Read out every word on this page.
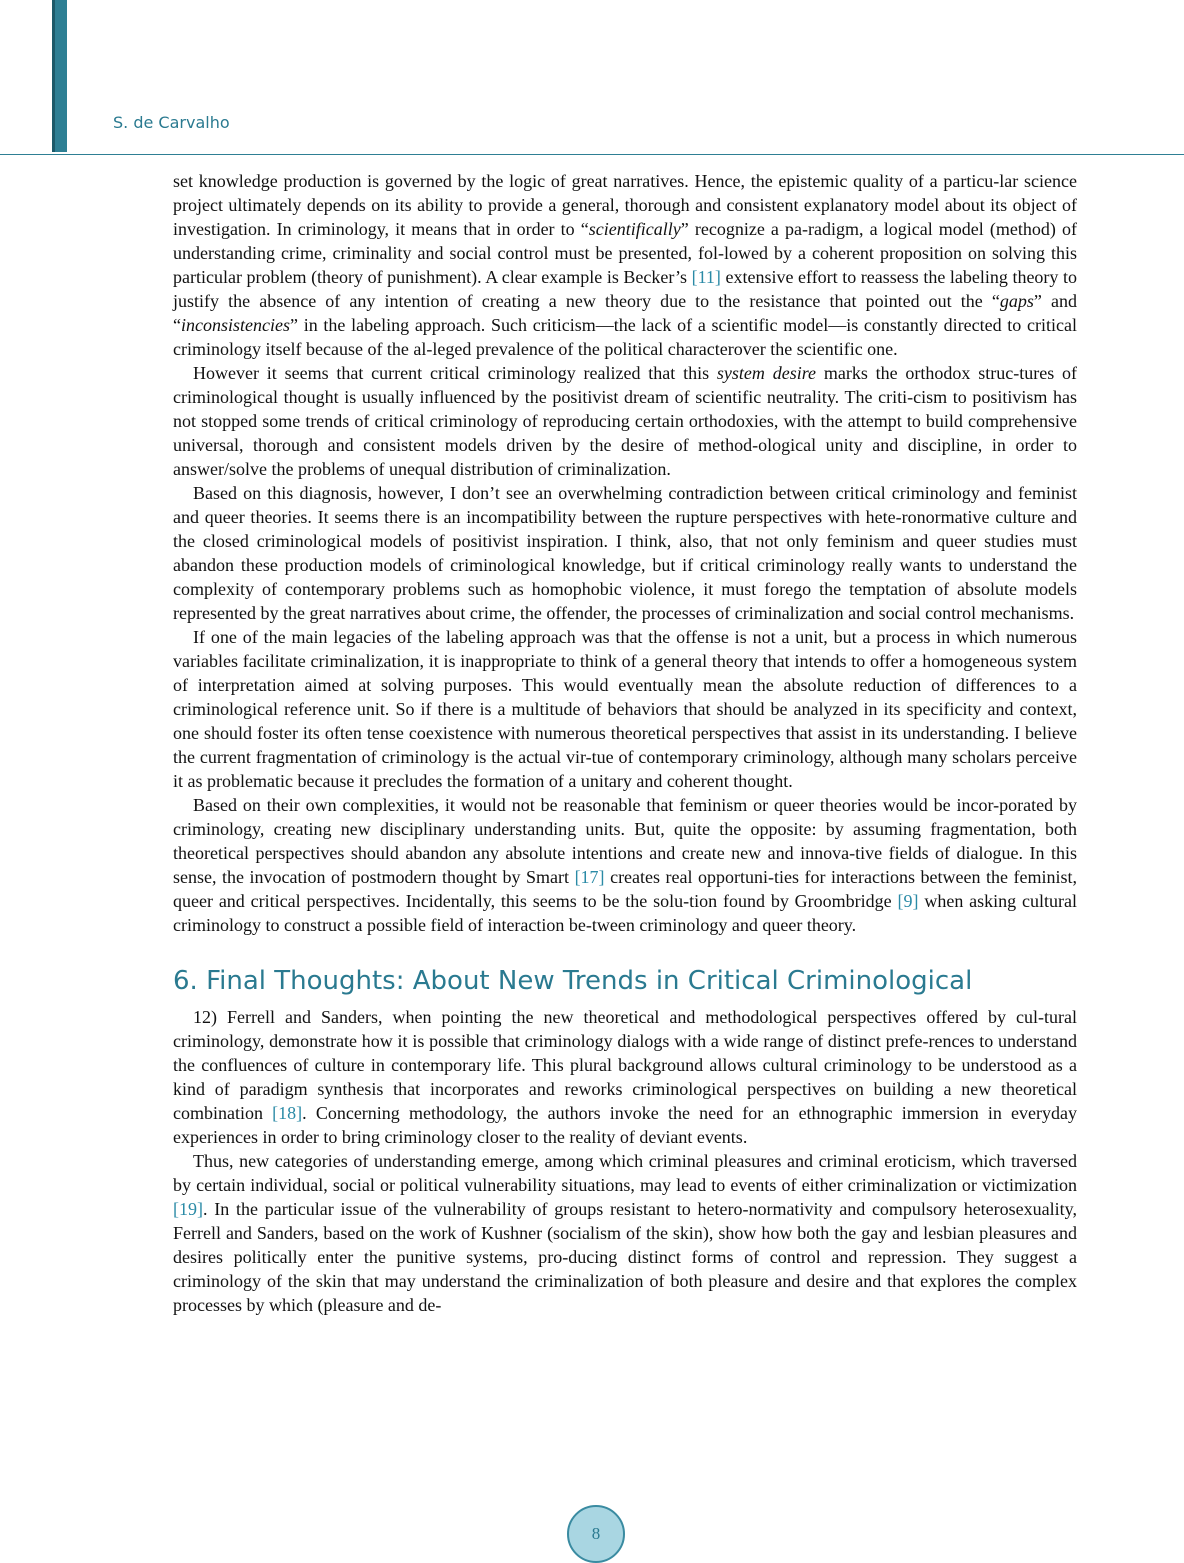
S. de Carvalho

set knowledge production is governed by the logic of great narratives. Hence, the epistemic quality of a particu-lar science project ultimately depends on its ability to provide a general, thorough and consistent explanatory model about its object of investigation. In criminology, it means that in order to “scientifically” recognize a pa-radigm, a logical model (method) of understanding crime, criminality and social control must be presented, fol-lowed by a coherent proposition on solving this particular problem (theory of punishment). A clear example is Becker’s [11] extensive effort to reassess the labeling theory to justify the absence of any intention of creating a new theory due to the resistance that pointed out the “gaps” and “inconsistencies” in the labeling approach. Such criticism—the lack of a scientific model—is constantly directed to critical criminology itself because of the al-leged prevalence of the political characterover the scientific one.

However it seems that current critical criminology realized that this system desire marks the orthodox struc-tures of criminological thought is usually influenced by the positivist dream of scientific neutrality. The criti-cism to positivism has not stopped some trends of critical criminology of reproducing certain orthodoxies, with the attempt to build comprehensive universal, thorough and consistent models driven by the desire of method-ological unity and discipline, in order to answer/solve the problems of unequal distribution of criminalization.

Based on this diagnosis, however, I don’t see an overwhelming contradiction between critical criminology and feminist and queer theories. It seems there is an incompatibility between the rupture perspectives with hete-ronormative culture and the closed criminological models of positivist inspiration. I think, also, that not only feminism and queer studies must abandon these production models of criminological knowledge, but if critical criminology really wants to understand the complexity of contemporary problems such as homophobic violence, it must forego the temptation of absolute models represented by the great narratives about crime, the offender, the processes of criminalization and social control mechanisms.

If one of the main legacies of the labeling approach was that the offense is not a unit, but a process in which numerous variables facilitate criminalization, it is inappropriate to think of a general theory that intends to offer a homogeneous system of interpretation aimed at solving purposes. This would eventually mean the absolute reduction of differences to a criminological reference unit. So if there is a multitude of behaviors that should be analyzed in its specificity and context, one should foster its often tense coexistence with numerous theoretical perspectives that assist in its understanding. I believe the current fragmentation of criminology is the actual vir-tue of contemporary criminology, although many scholars perceive it as problematic because it precludes the formation of a unitary and coherent thought.

Based on their own complexities, it would not be reasonable that feminism or queer theories would be incor-porated by criminology, creating new disciplinary understanding units. But, quite the opposite: by assuming fragmentation, both theoretical perspectives should abandon any absolute intentions and create new and innova-tive fields of dialogue. In this sense, the invocation of postmodern thought by Smart [17] creates real opportuni-ties for interactions between the feminist, queer and critical perspectives. Incidentally, this seems to be the solu-tion found by Groombridge [9] when asking cultural criminology to construct a possible field of interaction be-tween criminology and queer theory.

6. Final Thoughts: About New Trends in Critical Criminological

12) Ferrell and Sanders, when pointing the new theoretical and methodological perspectives offered by cul-tural criminology, demonstrate how it is possible that criminology dialogs with a wide range of distinct prefe-rences to understand the confluences of culture in contemporary life. This plural background allows cultural criminology to be understood as a kind of paradigm synthesis that incorporates and reworks criminological perspectives on building a new theoretical combination [18]. Concerning methodology, the authors invoke the need for an ethnographic immersion in everyday experiences in order to bring criminology closer to the reality of deviant events.

Thus, new categories of understanding emerge, among which criminal pleasures and criminal eroticism, which traversed by certain individual, social or political vulnerability situations, may lead to events of either criminalization or victimization [19]. In the particular issue of the vulnerability of groups resistant to hetero-normativity and compulsory heterosexuality, Ferrell and Sanders, based on the work of Kushner (socialism of the skin), show how both the gay and lesbian pleasures and desires politically enter the punitive systems, pro-ducing distinct forms of control and repression. They suggest a criminology of the skin that may understand the criminalization of both pleasure and desire and that explores the complex processes by which (pleasure and de-

8
